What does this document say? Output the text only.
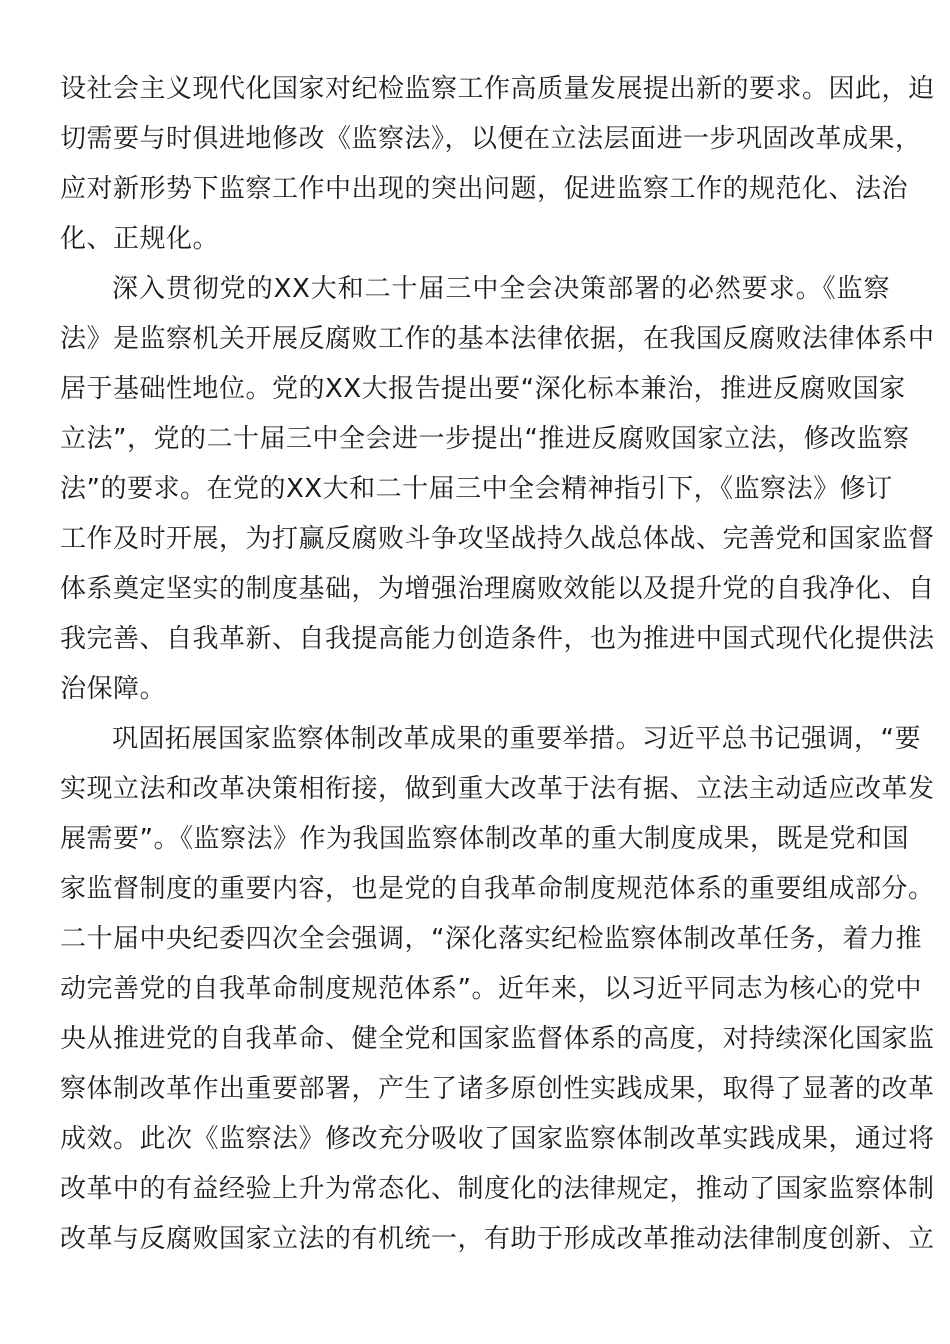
设社会主义现代化国家对纪检监察工作高质量发展提出新的要求。因此，迫
切需要与时俱进地修改《监察法》，以便在立法层面进一步巩固改革成果，
应对新形势下监察工作中出现的突出问题，促进监察工作的规范化、法治
化、正规化。
深入贯彻党的XX大和二十届三中全会决策部署的必然要求。《监察
法》是监察机关开展反腐败工作的基本法律依据，在我国反腐败法律体系中
居于基础性地位。党的XX大报告提出要“深化标本兼治，推进反腐败国家
立法”，党的二十届三中全会进一步提出“推进反腐败国家立法，修改监察
法”的要求。在党的XX大和二十届三中全会精神指引下，《监察法》修订
工作及时开展，为打赢反腐败斗争攻坚战持久战总体战、完善党和国家监督
体系奠定坚实的制度基础，为增强治理腐败效能以及提升党的自我净化、自
我完善、自我革新、自我提高能力创造条件，也为推进中国式现代化提供法
治保障。
巩固拓展国家监察体制改革成果的重要举措。习近平总书记强调，“要
实现立法和改革决策相衔接，做到重大改革于法有据、立法主动适应改革发
展需要”。《监察法》作为我国监察体制改革的重大制度成果，既是党和国
家监督制度的重要内容，也是党的自我革命制度规范体系的重要组成部分。
二十届中央纪委四次全会强调，“深化落实纪检监察体制改革任务，着力推
动完善党的自我革命制度规范体系”。近年来，以习近平同志为核心的党中
央从推进党的自我革命、健全党和国家监督体系的高度，对持续深化国家监
察体制改革作出重要部署，产生了诸多原创性实践成果，取得了显著的改革
成效。此次《监察法》修改充分吸收了国家监察体制改革实践成果，通过将
改革中的有益经验上升为常态化、制度化的法律规定，推动了国家监察体制
改革与反腐败国家立法的有机统一，有助于形成改革推动法律制度创新、立
